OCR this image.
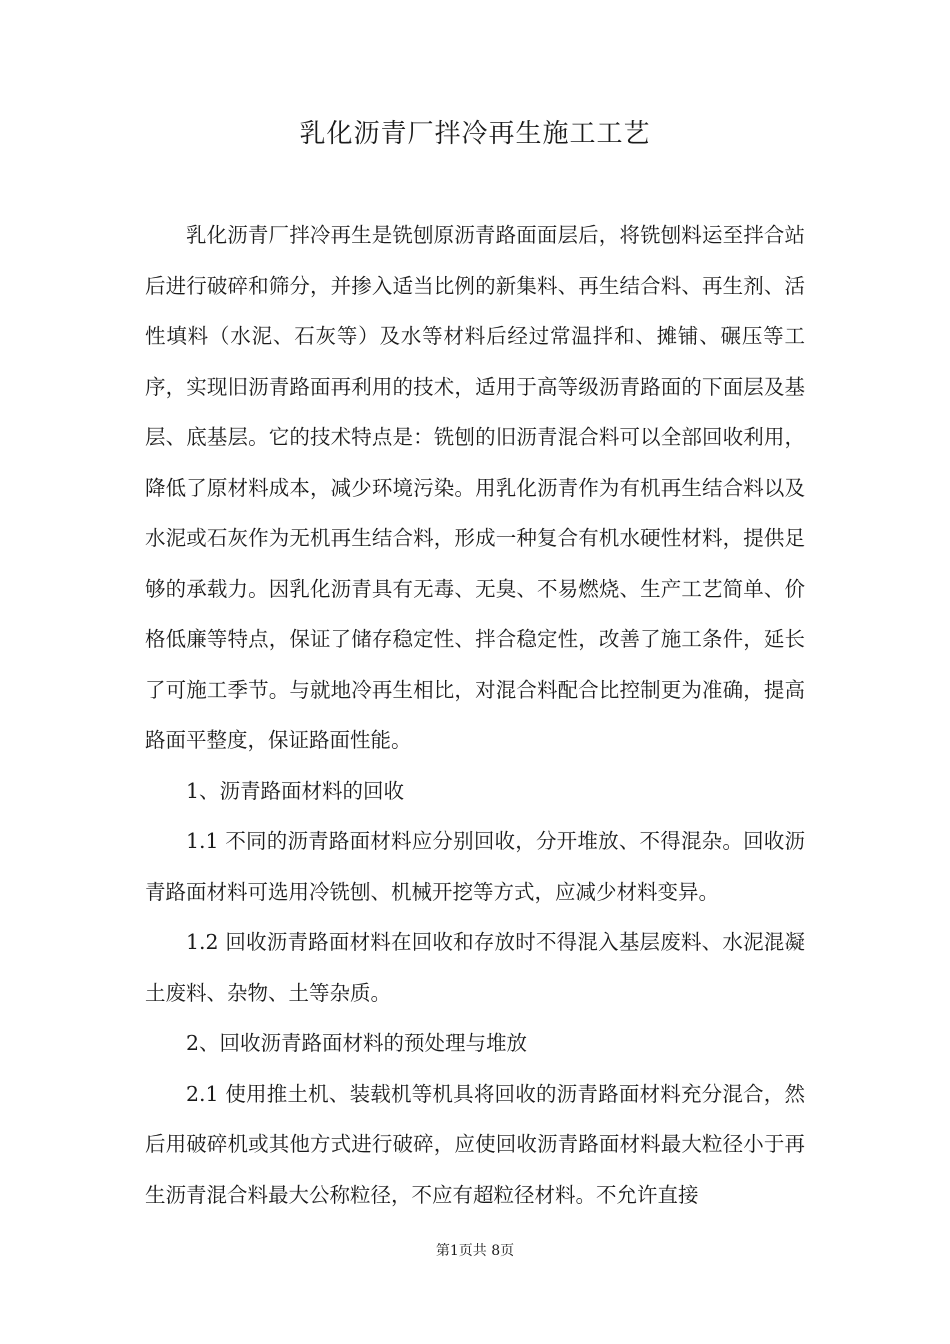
乳化沥青厂拌冷再生施工工艺

乳化沥青厂拌冷再生是铣刨原沥青路面面层后，将铣刨料运至拌合站后进行破碎和筛分，并掺入适当比例的新集料、再生结合料、再生剂、活性填料（水泥、石灰等）及水等材料后经过常温拌和、摊铺、碾压等工序，实现旧沥青路面再利用的技术，适用于高等级沥青路面的下面层及基层、底基层。它的技术特点是：铣刨的旧沥青混合料可以全部回收利用，降低了原材料成本，减少环境污染。用乳化沥青作为有机再生结合料以及水泥或石灰作为无机再生结合料，形成一种复合有机水硬性材料，提供足够的承载力。因乳化沥青具有无毒、无臭、不易燃烧、生产工艺简单、价格低廉等特点，保证了储存稳定性、拌合稳定性，改善了施工条件，延长了可施工季节。与就地冷再生相比，对混合料配合比控制更为准确，提高路面平整度，保证路面性能。

1、沥青路面材料的回收

1.1 不同的沥青路面材料应分别回收，分开堆放、不得混杂。回收沥青路面材料可选用冷铣刨、机械开挖等方式，应减少材料变异。

1.2 回收沥青路面材料在回收和存放时不得混入基层废料、水泥混凝土废料、杂物、土等杂质。

2、回收沥青路面材料的预处理与堆放

2.1 使用推土机、装载机等机具将回收的沥青路面材料充分混合，然后用破碎机或其他方式进行破碎，应使回收沥青路面材料最大粒径小于再生沥青混合料最大公称粒径，不应有超粒径材料。不允许直接

第1页共 8页
